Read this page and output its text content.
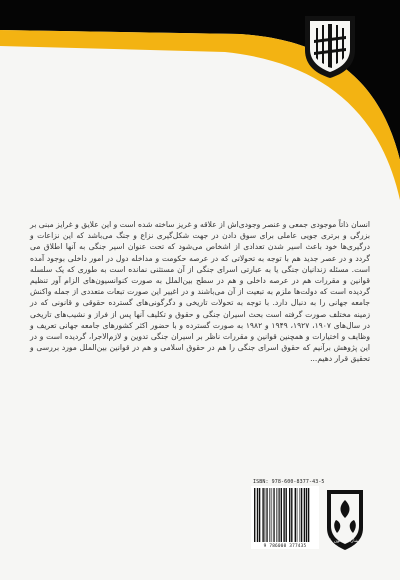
انسان ذاتاً موجودی جمعی و عنصر وجودی‌اش از علاقه و غریز ساخته شده است و این علایق و غرایز مبنی بر بزرگی و برتری جویی عاملی برای سوق دادن در جهت شکل‌گیری نزاع و جنگ می‌باشد که این نزاعات و درگیری‌ها خود باعث اسیر شدن تعدادی از اشخاص می‌شود که تحت عنوان اسیر جنگی به آنها اطلاق می گردد و در عصر جدید هم با توجه به تحولاتی که در عرصه حکومت و مداخله دول در امور داخلی بوجود آمده است. مسئله زندانیان جنگی یا به عبارتی اسرای جنگی از آن مستثنی نمانده است به طوری که یک سلسله قوانین و مقررات هم در عرصه داخلی و هم در سطح بین‌الملل به صورت کنوانسیون‌های الزام آور تنظیم گردیده است که دولت‌ها ملزم به تبعیت از آن می‌باشند و در اغییر این صورت تبعات متعددی از جمله واکنش جامعه جهانی را به دنبال دارد. با توجه به تحولات تاریخی و دگرگونی‌های گسترده حقوقی و قانونی که در زمینه مختلف صورت گرفته است بحث اسیران جنگی و حقوق و تکلیف آنها پس از فراز و نشیب‌های تاریخی در سال‌های ۱۹۰۷، ۱۹۲۷، ۱۹۴۹ و ۱۹۸۲ به صورت گسترده و با حضور اکثر کشورهای جامعه جهانی تعریف و وظایف و اختیارات و همچنین قوانین و مقررات ناظر بر اسیران جنگی تدوین و لازم‌الاجرا، گردیده است و در این پژوهش برآنیم که حقوق اسرای جنگی را هم در حقوق اسلامی و هم در قوانین بین‌الملل مورد بررسی و تحقیق قرار دهیم...
ISBN: 978-600-8377-43-5
9 786008 377435
انتشارات قانون یار
